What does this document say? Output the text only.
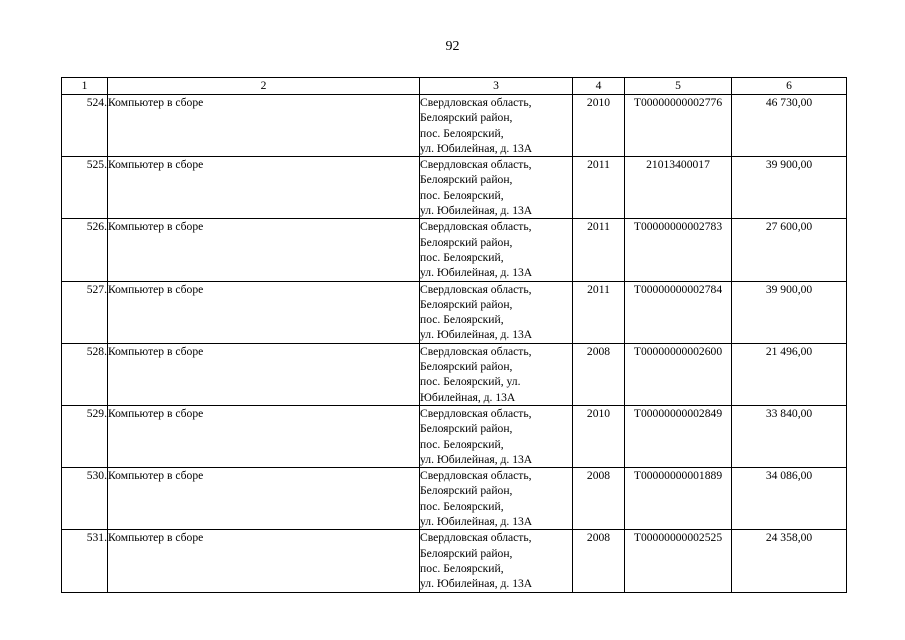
92
1	2	3	4	5	6
524.	Компьютер в сборе	Свердловская область,
Белоярский район,
пос. Белоярский,
ул. Юбилейная, д. 13А	2010	Т00000000002776	46 730,00
525.	Компьютер в сборе	Свердловская область,
Белоярский район,
пос. Белоярский,
ул. Юбилейная, д. 13А	2011	21013400017	39 900,00
526.	Компьютер в сборе	Свердловская область,
Белоярский район,
пос. Белоярский,
ул. Юбилейная, д. 13А	2011	Т00000000002783	27 600,00
527.	Компьютер в сборе	Свердловская область,
Белоярский район,
пос. Белоярский,
ул. Юбилейная, д. 13А	2011	Т00000000002784	39 900,00
528.	Компьютер в сборе	Свердловская область,
Белоярский район,
пос. Белоярский, ул.
Юбилейная, д. 13А	2008	Т00000000002600	21 496,00
529.	Компьютер в сборе	Свердловская область,
Белоярский район,
пос. Белоярский,
ул. Юбилейная, д. 13А	2010	Т00000000002849	33 840,00
530.	Компьютер в сборе	Свердловская область,
Белоярский район,
пос. Белоярский,
ул. Юбилейная, д. 13А	2008	Т00000000001889	34 086,00
531.	Компьютер в сборе	Свердловская область,
Белоярский район,
пос. Белоярский,
ул. Юбилейная, д. 13А	2008	Т00000000002525	24 358,00
